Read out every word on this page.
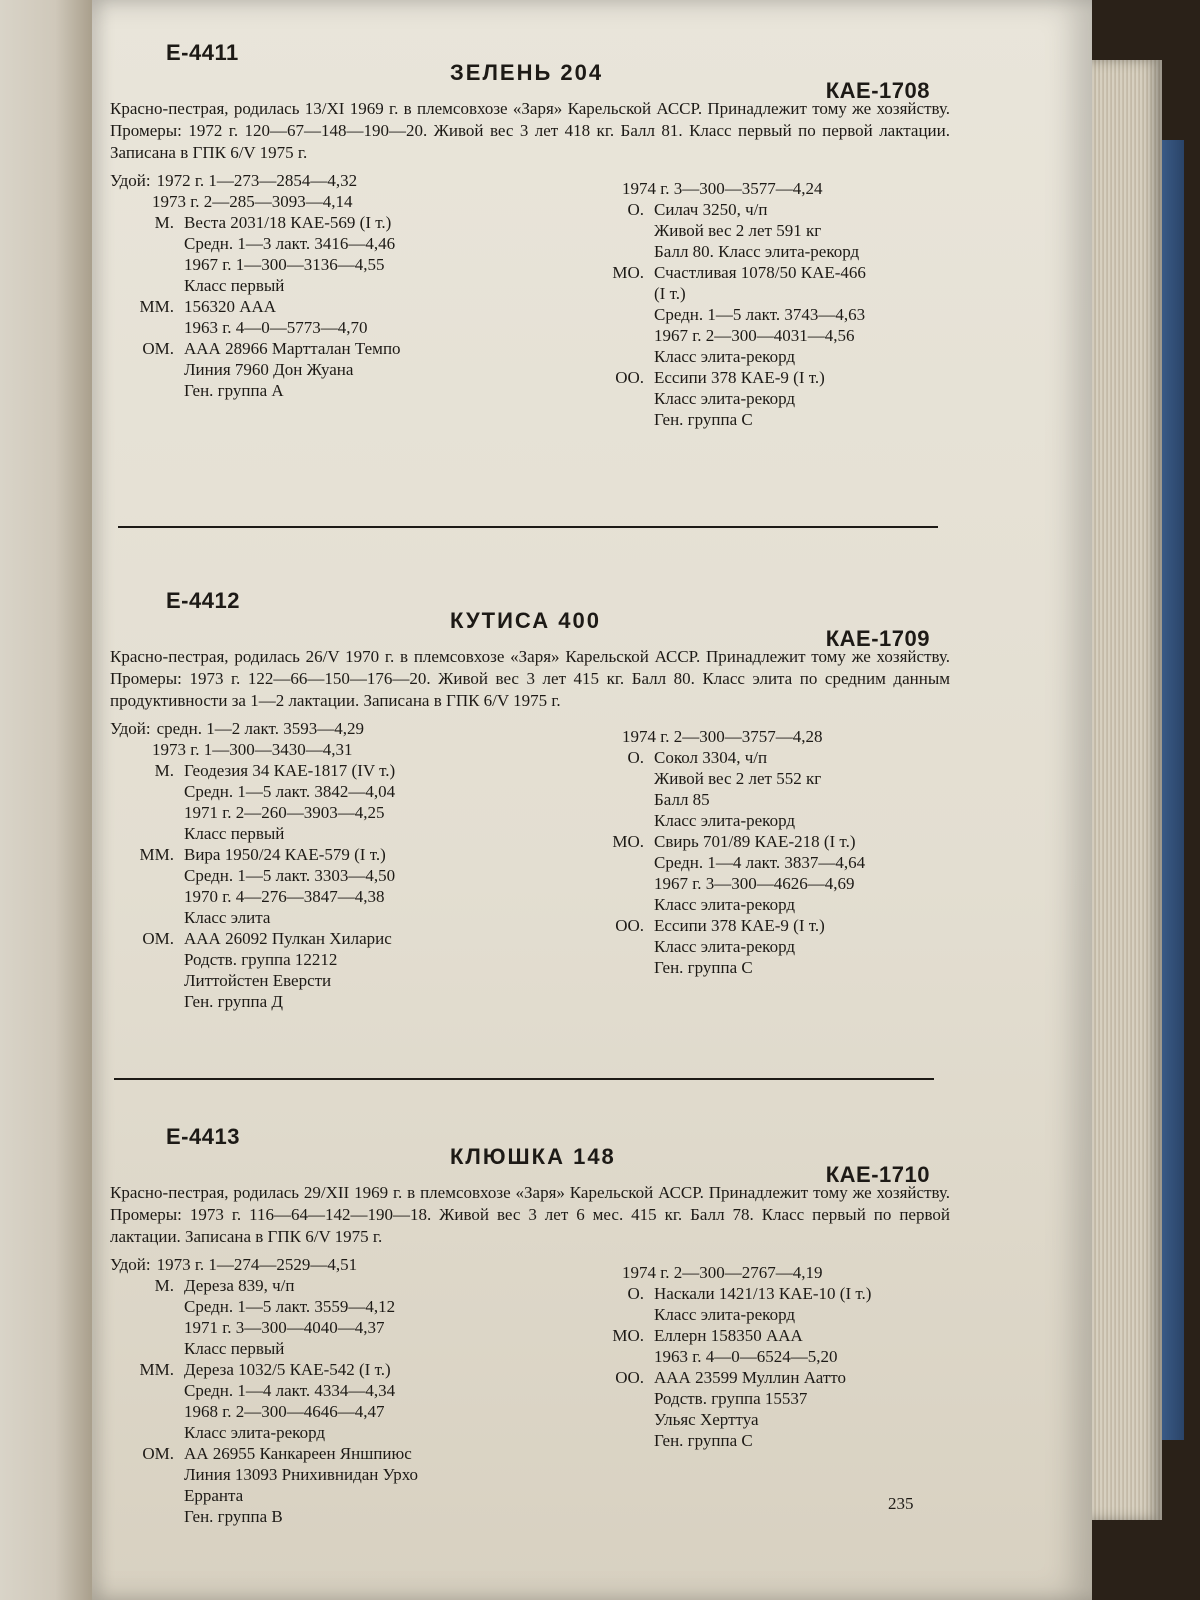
Е-4411
ЗЕЛЕНЬ 204
КАЕ-1708
Красно-пестрая, родилась 13/XI 1969 г. в племсовхозе «Заря» Карельской АССР. Принадлежит тому же хозяйству. Промеры: 1972 г. 120—67—148—190—20. Живой вес 3 лет 418 кг. Балл 81. Класс первый по первой лактации. Записана в ГПК 6/V 1975 г.
Удой: 1972 г. 1—273—2854—4,32
1973 г. 2—285—3093—4,14
М. Веста 2031/18 КАЕ-569 (I т.)
Средн. 1—3 лакт. 3416—4,46
1967 г. 1—300—3136—4,55
Класс первый
ММ. 156320 ААА
1963 г. 4—0—5773—4,70
ОМ. ААА 28966 Мартталан Темпо
Линия 7960 Дон Жуана
Ген. группа А
1974 г. 3—300—3577—4,24
О. Силач 3250, ч/п
Живой вес 2 лет 591 кг
Балл 80. Класс элита-рекорд
МО. Счастливая 1078/50 КАЕ-466
(I т.)
Средн. 1—5 лакт. 3743—4,63
1967 г. 2—300—4031—4,56
Класс элита-рекорд
ОО. Ессипи 378 КАЕ-9 (I т.)
Класс элита-рекорд
Ген. группа С
Е-4412
КУТИСА 400
КАЕ-1709
Красно-пестрая, родилась 26/V 1970 г. в племсовхозе «Заря» Карельской АССР. Принадлежит тому же хозяйству. Промеры: 1973 г. 122—66—150—176—20. Живой вес 3 лет 415 кг. Балл 80. Класс элита по средним данным продуктивности за 1—2 лактации. Записана в ГПК 6/V 1975 г.
Удой: средн. 1—2 лакт. 3593—4,29
1973 г. 1—300—3430—4,31
М. Геодезия 34 КАЕ-1817 (IV т.)
Средн. 1—5 лакт. 3842—4,04
1971 г. 2—260—3903—4,25
Класс первый
ММ. Вира 1950/24 КАЕ-579 (I т.)
Средн. 1—5 лакт. 3303—4,50
1970 г. 4—276—3847—4,38
Класс элита
ОМ. ААА 26092 Пулкан Хиларис
Родств. группа 12212
Литтойстен Еверсти
Ген. группа Д
1974 г. 2—300—3757—4,28
О. Сокол 3304, ч/п
Живой вес 2 лет 552 кг
Балл 85
Класс элита-рекорд
МО. Свирь 701/89 КАЕ-218 (I т.)
Средн. 1—4 лакт. 3837—4,64
1967 г. 3—300—4626—4,69
Класс элита-рекорд
ОО. Ессипи 378 КАЕ-9 (I т.)
Класс элита-рекорд
Ген. группа С
Е-4413
КЛЮШКА 148
КАЕ-1710
Красно-пестрая, родилась 29/XII 1969 г. в племсовхозе «Заря» Карельской АССР. Принадлежит тому же хозяйству. Промеры: 1973 г. 116—64—142—190—18. Живой вес 3 лет 6 мес. 415 кг. Балл 78. Класс первый по первой лактации. Записана в ГПК 6/V 1975 г.
Удой: 1973 г. 1—274—2529—4,51
М. Дереза 839, ч/п
Средн. 1—5 лакт. 3559—4,12
1971 г. 3—300—4040—4,37
Класс первый
ММ. Дереза 1032/5 КАЕ-542 (I т.)
Средн. 1—4 лакт. 4334—4,34
1968 г. 2—300—4646—4,47
Класс элита-рекорд
ОМ. АА 26955 Канкареен Яншпиюс
Линия 13093 Рнихивнидан Урхо
Ерранта
Ген. группа В
1974 г. 2—300—2767—4,19
О. Наскали 1421/13 КАЕ-10 (I т.)
Класс элита-рекорд
МО. Еллерн 158350 ААА
1963 г. 4—0—6524—5,20
ОО. ААА 23599 Муллин Аатто
Родств. группа 15537
Ульяс Херттуа
Ген. группа С
235
